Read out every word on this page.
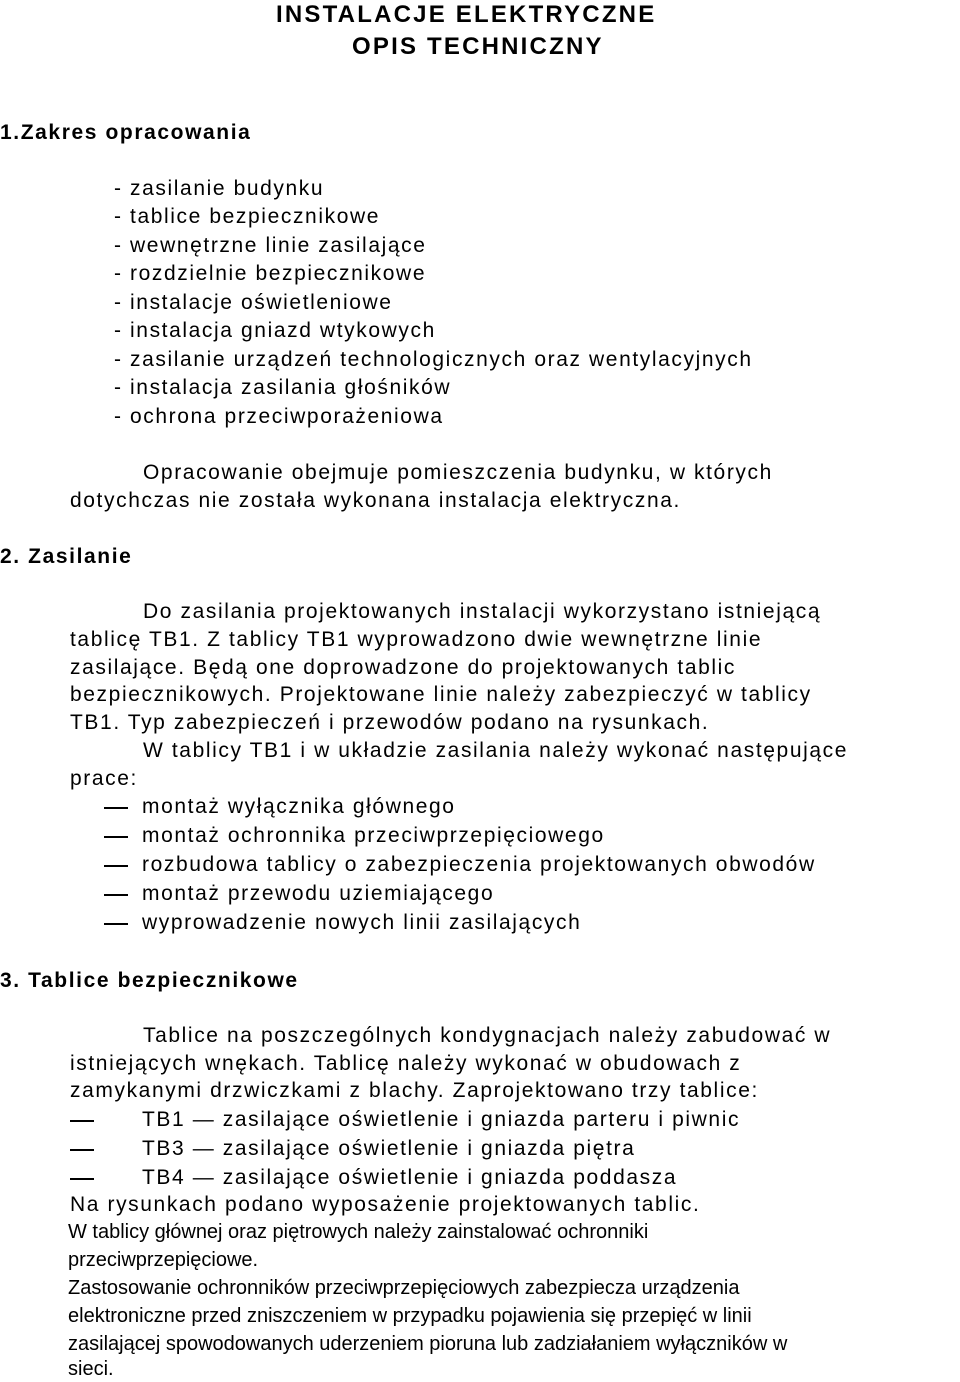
INSTALACJE ELEKTRYCZNE
OPIS TECHNICZNY
1.Zakres opracowania
- zasilanie budynku
- tablice bezpiecznikowe
- wewnętrzne linie zasilające
- rozdzielnie bezpiecznikowe
- instalacje oświetleniowe
- instalacja gniazd wtykowych
- zasilanie urządzeń technologicznych oraz wentylacyjnych
- instalacja zasilania głośników
- ochrona przeciwporażeniowa
Opracowanie obejmuje pomieszczenia budynku, w których
dotychczas nie została wykonana instalacja elektryczna.
2. Zasilanie
Do zasilania projektowanych instalacji wykorzystano istniejącą
tablicę TB1. Z tablicy TB1 wyprowadzono dwie wewnętrzne linie
zasilające. Będą one doprowadzone do projektowanych tablic
bezpiecznikowych. Projektowane linie należy zabezpieczyć w tablicy
TB1. Typ zabezpieczeń i przewodów podano na rysunkach.
W tablicy TB1 i w układzie zasilania należy wykonać następujące
prace:
montaż wyłącznika głównego
montaż ochronnika przeciwprzepięciowego
rozbudowa tablicy o zabezpieczenia projektowanych obwodów
montaż przewodu uziemiającego
wyprowadzenie nowych linii zasilających
3. Tablice bezpiecznikowe
Tablice na poszczególnych kondygnacjach należy zabudować w
istniejących wnękach. Tablicę należy wykonać w obudowach z
zamykanymi drzwiczkami z blachy. Zaprojektowano trzy tablice:
TB1 — zasilające oświetlenie i gniazda parteru i piwnic
TB3 — zasilające oświetlenie i gniazda piętra
TB4 — zasilające oświetlenie i gniazda poddasza
Na rysunkach podano wyposażenie projektowanych tablic.
W tablicy głównej oraz piętrowych należy zainstalować ochronniki
przeciwprzepięciowe.
Zastosowanie ochronników przeciwprzepięciowych zabezpiecza urządzenia
elektroniczne przed zniszczeniem w przypadku pojawienia się przepięć w linii
zasilającej spowodowanych uderzeniem pioruna lub zadziałaniem wyłączników w
sieci.
